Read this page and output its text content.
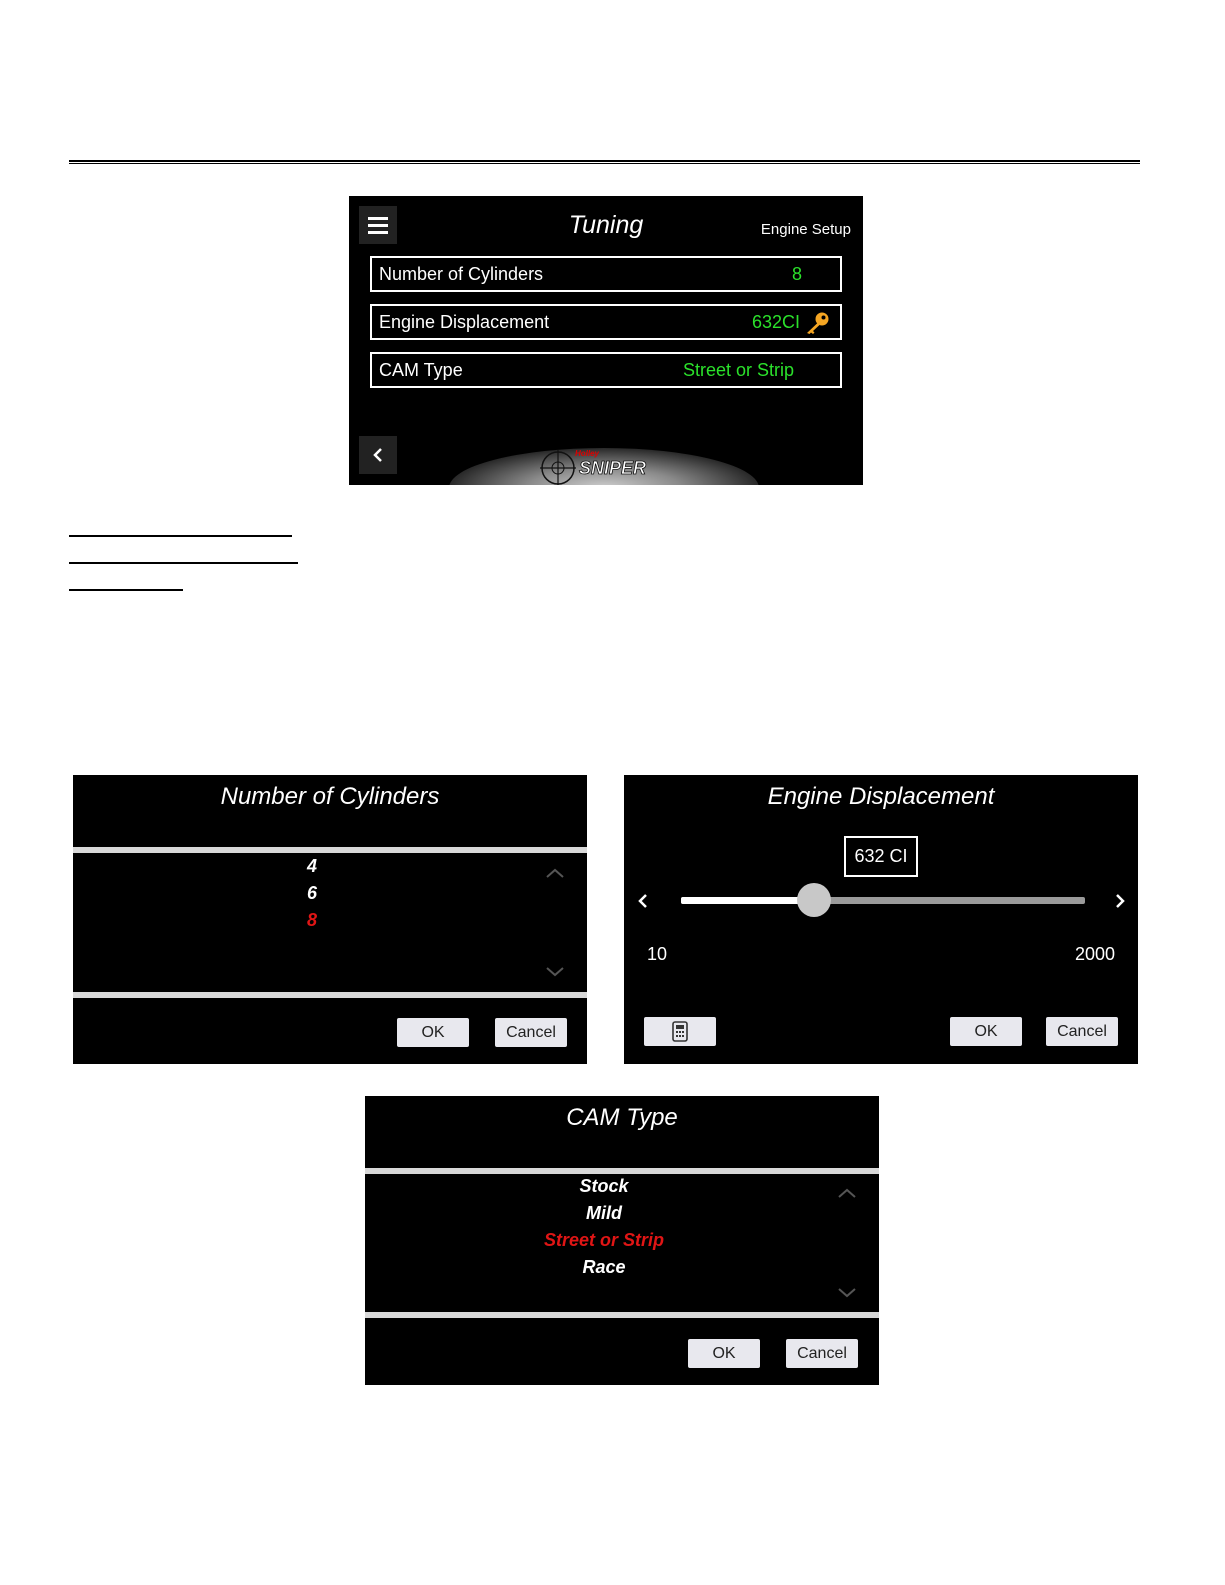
Tuning	Engine Setup
Number of Cylinders	8
Engine Displacement	632CI
CAM Type	Street or Strip
Holley
SNIPER
Number of Cylinders
4
6
8
OK	Cancel
Engine Displacement
632 CI
10	2000
OK	Cancel
CAM Type
Stock
Mild
Street or Strip
Race
OK	Cancel
